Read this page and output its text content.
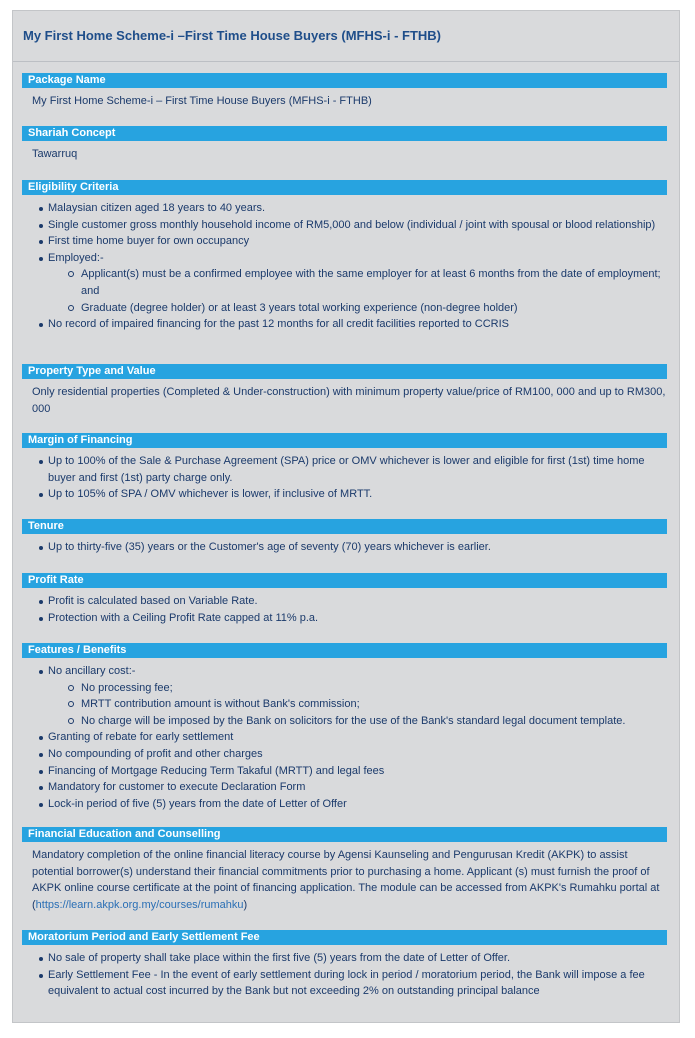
My First Home Scheme-i –First Time House Buyers (MFHS-i - FTHB)
Package Name

My First Home Scheme-i – First Time House Buyers (MFHS-i - FTHB)

Shariah Concept

Tawarruq

Eligibility Criteria
Malaysian citizen aged 18 years to 40 years.
Single customer gross monthly household income of RM5,000 and below (individual / joint with spousal or blood relationship)
First time home buyer for own occupancy
Employed:-
Applicant(s) must be a confirmed employee with the same employer for at least 6 months from the date of employment; and
Graduate (degree holder) or at least 3 years total working experience (non-degree holder)
No record of impaired financing for the past 12 months for all credit facilities reported to CCRIS
Property Type and Value

Only residential properties (Completed & Under-construction) with minimum property value/price of RM100, 000 and up to RM300, 000

Margin of Financing
Up to 100% of the Sale & Purchase Agreement (SPA) price or OMV whichever is lower and eligible for first (1st) time home buyer and first (1st) party charge only.
Up to 105% of SPA / OMV whichever is lower, if inclusive of MRTT.
Tenure
Up to thirty-five (35) years or the Customer's age of seventy (70) years whichever is earlier.
Profit Rate
Profit is calculated based on Variable Rate.
Protection with a Ceiling Profit Rate capped at 11% p.a.
Features / Benefits
No ancillary cost:-
No processing fee;
MRTT contribution amount is without Bank's commission;
No charge will be imposed by the Bank on solicitors for the use of the Bank's standard legal document template.
Granting of rebate for early settlement
No compounding of profit and other charges
Financing of Mortgage Reducing Term Takaful (MRTT) and legal fees
Mandatory for customer to execute Declaration Form
Lock-in period of five (5) years from the date of Letter of Offer
Financial Education and Counselling

Mandatory completion of the online financial literacy course by Agensi Kaunseling and Pengurusan Kredit (AKPK) to assist potential borrower(s) understand their financial commitments prior to purchasing a home. Applicant (s) must furnish the proof of AKPK online course certificate at the point of financing application. The module can be accessed from AKPK's Rumahku portal at (https://learn.akpk.org.my/courses/rumahku)

Moratorium Period and Early Settlement Fee
No sale of property shall take place within the first five (5) years from the date of Letter of Offer.
Early Settlement Fee - In the event of early settlement during lock in period / moratorium period, the Bank will impose a fee equivalent to actual cost incurred by the Bank but not exceeding 2% on outstanding principal balance
